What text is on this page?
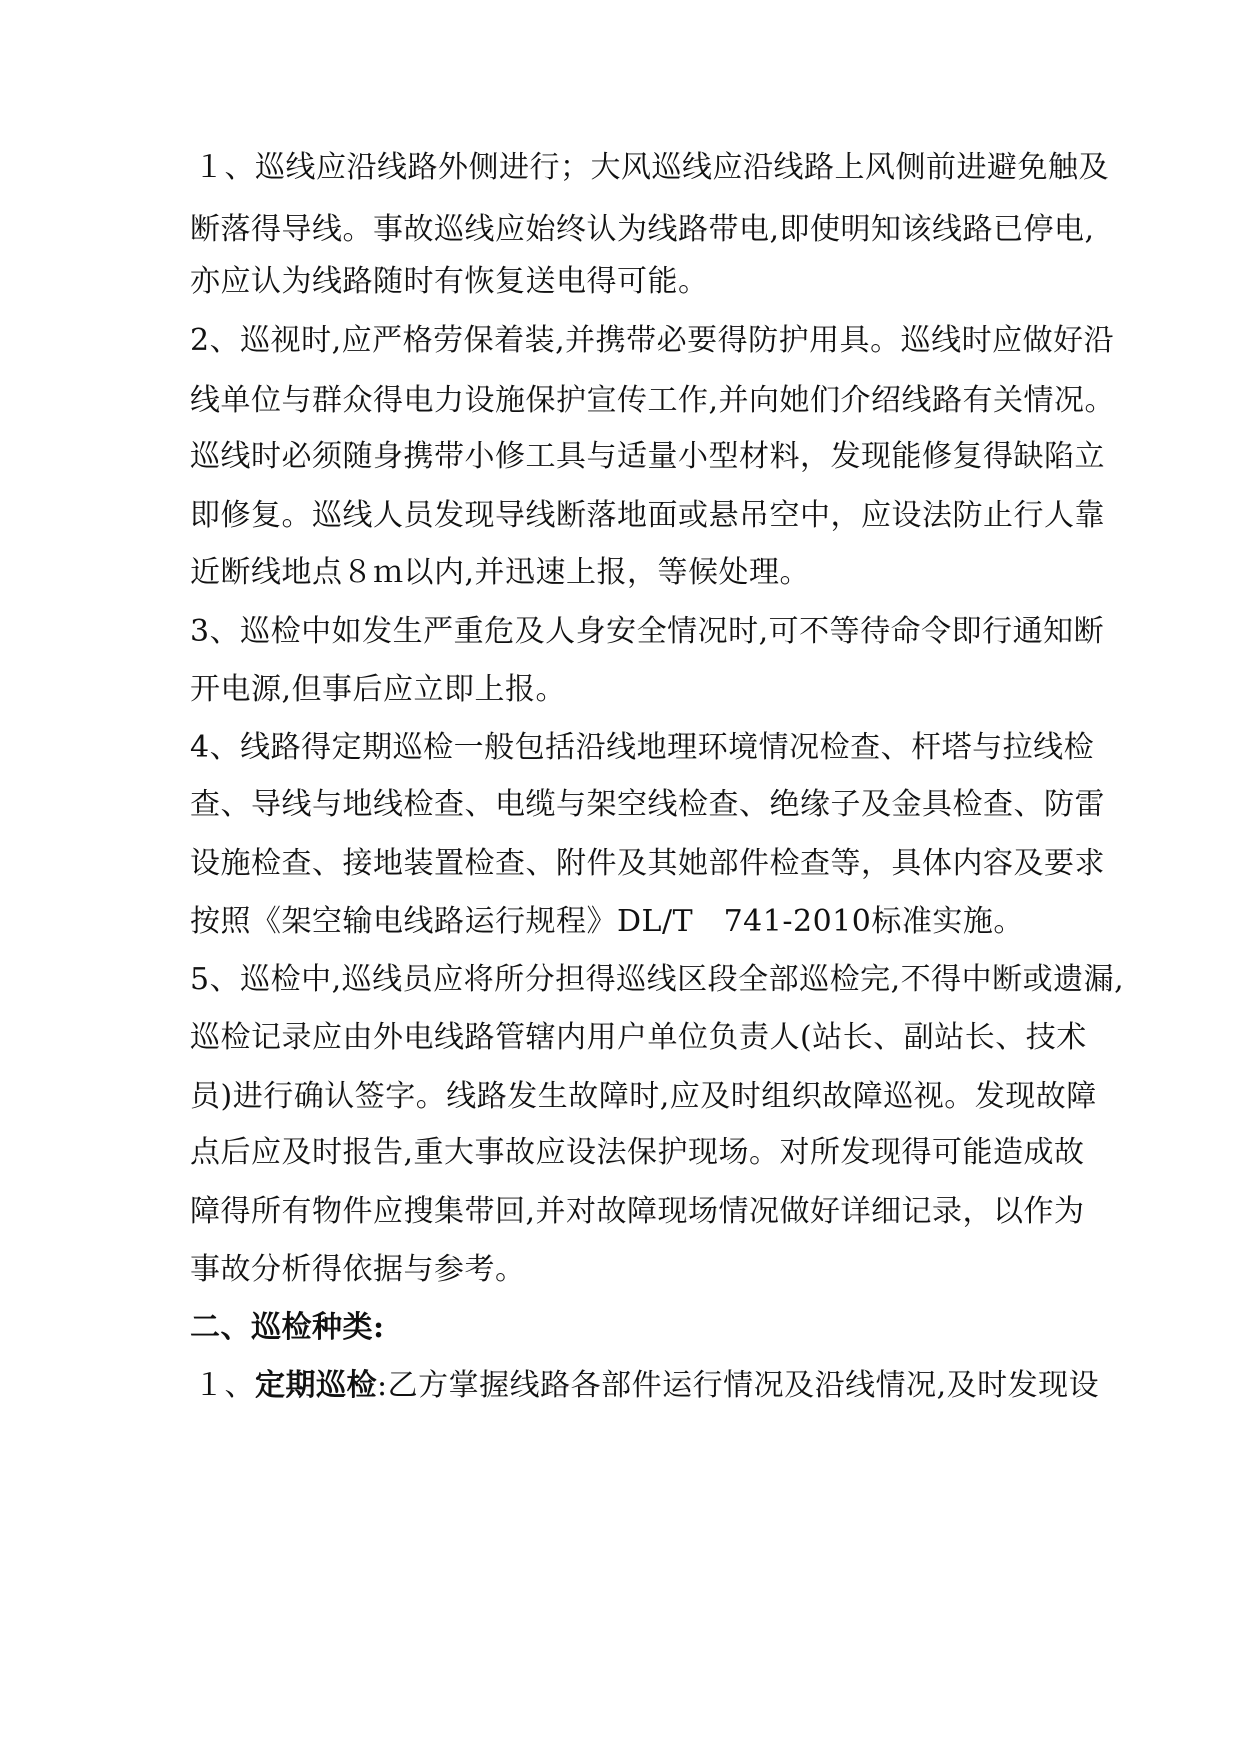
１、巡线应沿线路外侧进行；大风巡线应沿线路上风侧前进避免触及
断落得导线。事故巡线应始终认为线路带电,即使明知该线路已停电,
亦应认为线路随时有恢复送电得可能。
2、巡视时,应严格劳保着装,并携带必要得防护用具。巡线时应做好沿
线单位与群众得电力设施保护宣传工作,并向她们介绍线路有关情况。
巡线时必须随身携带小修工具与适量小型材料，发现能修复得缺陷立
即修复。巡线人员发现导线断落地面或悬吊空中，应设法防止行人靠
近断线地点８ｍ以内,并迅速上报，等候处理。
3、巡检中如发生严重危及人身安全情况时,可不等待命令即行通知断
开电源,但事后应立即上报。
4、线路得定期巡检一般包括沿线地理环境情况检查、杆塔与拉线检
查、导线与地线检查、电缆与架空线检查、绝缘子及金具检查、防雷
设施检查、接地装置检查、附件及其她部件检查等，具体内容及要求
按照《架空输电线路运行规程》DL/T　741-2010标准实施。
5、巡检中,巡线员应将所分担得巡线区段全部巡检完,不得中断或遗漏,
巡检记录应由外电线路管辖内用户单位负责人(站长、副站长、技术
员)进行确认签字。线路发生故障时,应及时组织故障巡视。发现故障
点后应及时报告,重大事故应设法保护现场。对所发现得可能造成故
障得所有物件应搜集带回,并对故障现场情况做好详细记录，以作为
事故分析得依据与参考。
二、巡检种类:
１、定期巡检:乙方掌握线路各部件运行情况及沿线情况,及时发现设
